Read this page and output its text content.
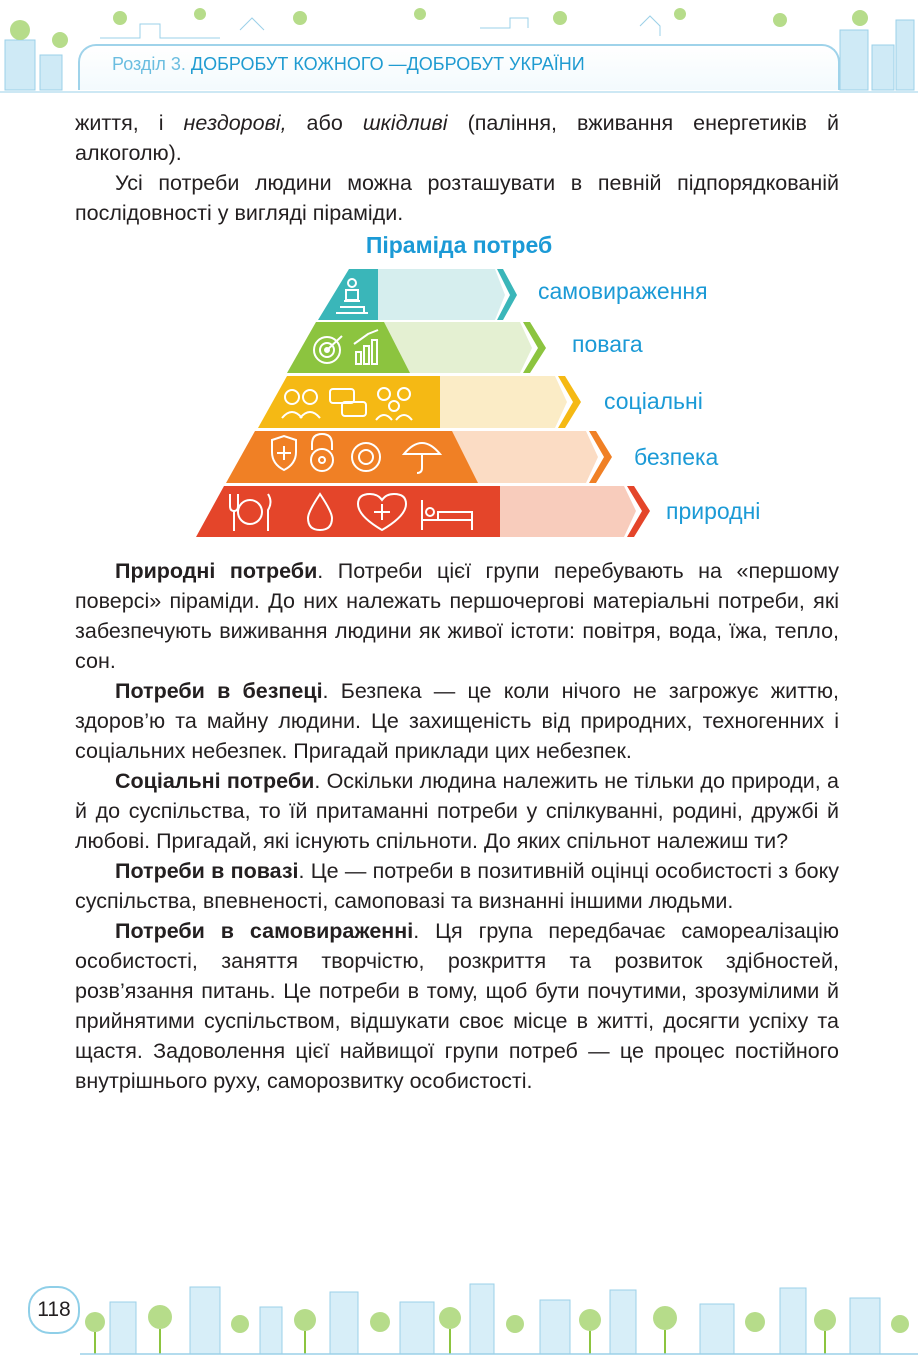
Розділ 3. ДОБРОБУТ КОЖНОГО —ДОБРОБУТ УКРАЇНИ

життя, і нездорові, або шкідливі (паління, вживання енергетиків й алкоголю).

Усі потреби людини можна розташувати в певній підпорядкованій послідовності у вигляді піраміди.

Піраміда потреб
самовираження
повага
соціальні
безпека
природні

Природні потреби. Потреби цієї групи перебувають на «першому поверсі» піраміди. До них належать першочергові матеріальні потреби, які забезпечують виживання людини як живої істоти: повітря, вода, їжа, тепло, сон.

Потреби в безпеці. Безпека — це коли нічого не загрожує життю, здоров’ю та майну людини. Це захищеність від природних, техногенних і соціальних небезпек. Пригадай приклади цих небезпек.

Соціальні потреби. Оскільки людина належить не тільки до природи, а й до суспільства, то їй притаманні потреби у спілкуванні, родині, дружбі й любові. Пригадай, які існують спільноти. До яких спільнот належиш ти?

Потреби в повазі. Це — потреби в позитивній оцінці особистості з боку суспільства, впевненості, самоповазі та визнанні іншими людьми.

Потреби в самовираженні. Ця група передбачає самореалізацію особистості, заняття творчістю, розкриття та розвиток здібностей, розв’язання питань. Це потреби в тому, щоб бути почутими, зрозумілими й прийнятими суспільством, відшукати своє місце в житті, досягти успіху та щастя. Задоволення цієї найвищої групи потреб — це процес постійного внутрішнього руху, саморозвитку особистості.

118
